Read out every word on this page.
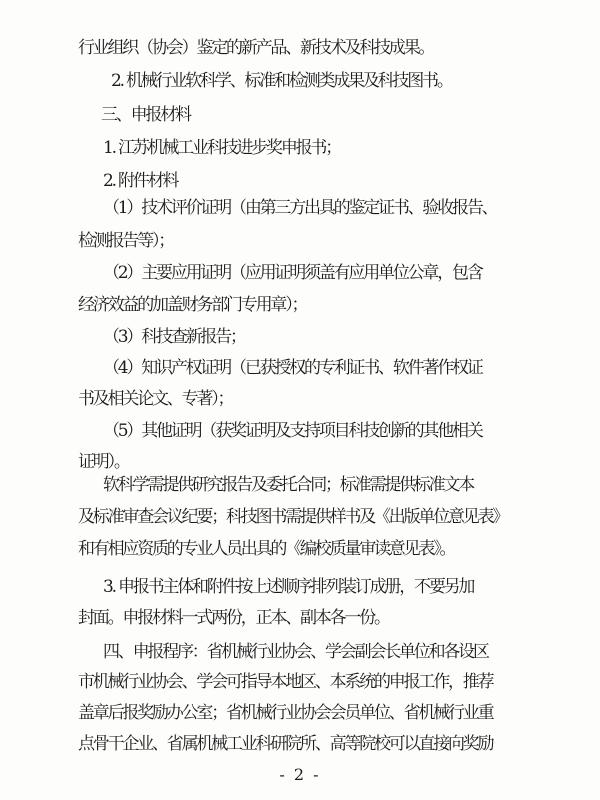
行业组织（协会）鉴定的新产品、新技术及科技成果。
2. 机械行业软科学、标准和检测类成果及科技图书。
三、申报材料
1. 江苏机械工业科技进步奖申报书；
2. 附件材料
（1）技术评价证明（由第三方出具的鉴定证书、验收报告、
检测报告等）；
（2）主要应用证明（应用证明须盖有应用单位公章，包含
经济效益的加盖财务部门专用章）；
（3）科技查新报告；
（4）知识产权证明（已获授权的专利证书、软件著作权证
书及相关论文、专著）；
（5）其他证明（获奖证明及支持项目科技创新的其他相关
证明）。
软科学需提供研究报告及委托合同；标准需提供标准文本
及标准审查会议纪要；科技图书需提供样书及《出版单位意见表》
和有相应资质的专业人员出具的《编校质量审读意见表》。
3. 申报书主体和附件按上述顺序排列装订成册，不要另加
封面。申报材料一式两份，正本、副本各一份。
四、申报程序：省机械行业协会、学会副会长单位和各设区
市机械行业协会、学会可指导本地区、本系统的申报工作，推荐
盖章后报奖励办公室；省机械行业协会会员单位、省机械行业重
点骨干企业、省属机械工业科研院所、高等院校可以直接向奖励
- 2 -
